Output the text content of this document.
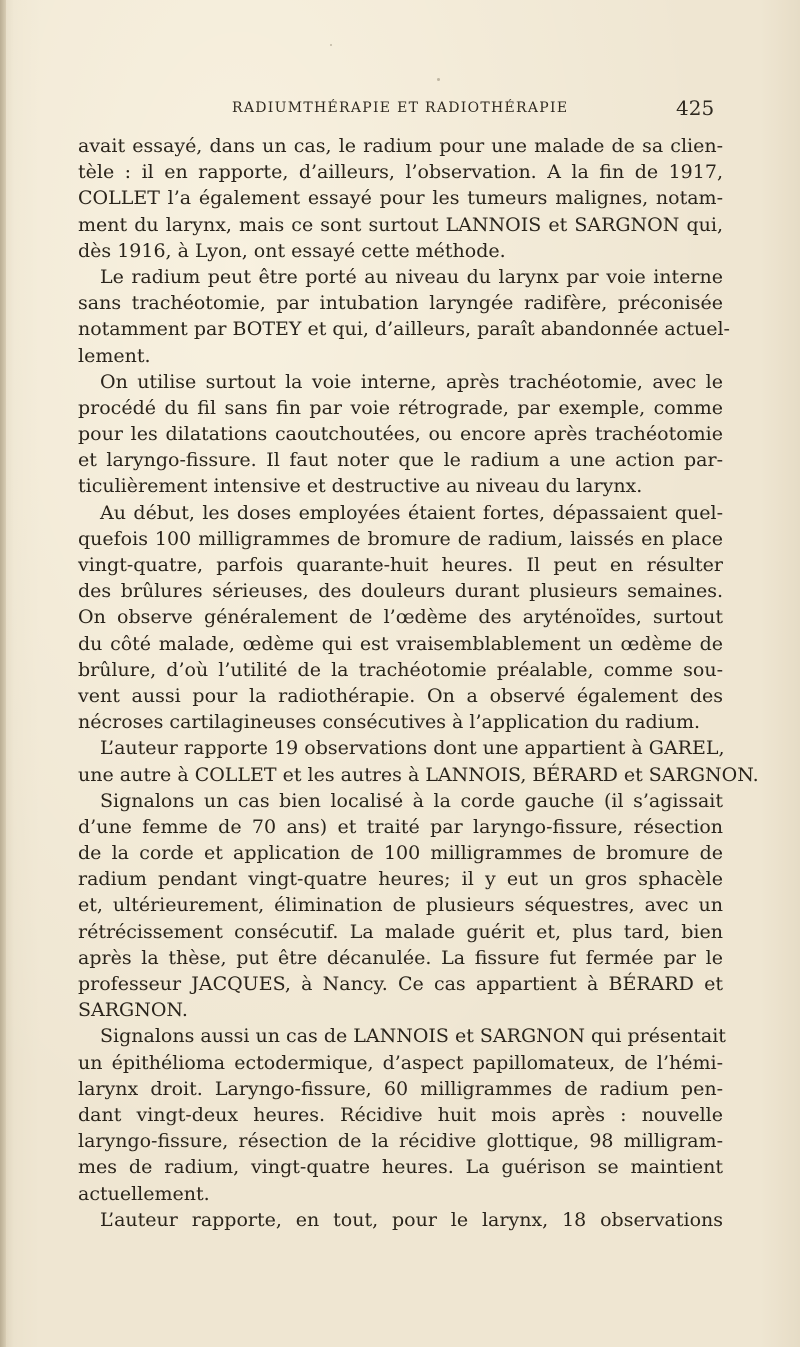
RADIUMTHÉRAPIE ET RADIOTHÉRAPIE	425
avait essayé, dans un cas, le radium pour une malade de sa clien-
tèle : il en rapporte, d’ailleurs, l’observation. A la fin de 1917,
COLLET l’a également essayé pour les tumeurs malignes, notam-
ment du larynx, mais ce sont surtout LANNOIS et SARGNON qui,
dès 1916, à Lyon, ont essayé cette méthode.
Le radium peut être porté au niveau du larynx par voie interne
sans trachéotomie, par intubation laryngée radifère, préconisée
notamment par BOTEY et qui, d’ailleurs, paraît abandonnée actuel-
lement.
On utilise surtout la voie interne, après trachéotomie, avec le
procédé du fil sans fin par voie rétrograde, par exemple, comme
pour les dilatations caoutchoutées, ou encore après trachéotomie
et laryngo-fissure. Il faut noter que le radium a une action par-
ticulièrement intensive et destructive au niveau du larynx.
Au début, les doses employées étaient fortes, dépassaient quel-
quefois 100 milligrammes de bromure de radium, laissés en place
vingt-quatre, parfois quarante-huit heures. Il peut en résulter
des brûlures sérieuses, des douleurs durant plusieurs semaines.
On observe généralement de l’œdème des aryténoïdes, surtout
du côté malade, œdème qui est vraisemblablement un œdème de
brûlure, d’où l’utilité de la trachéotomie préalable, comme sou-
vent aussi pour la radiothérapie. On a observé également des
nécroses cartilagineuses consécutives à l’application du radium.
L’auteur rapporte 19 observations dont une appartient à GAREL,
une autre à COLLET et les autres à LANNOIS, BÉRARD et SARGNON.
Signalons un cas bien localisé à la corde gauche (il s’agissait
d’une femme de 70 ans) et traité par laryngo-fissure, résection
de la corde et application de 100 milligrammes de bromure de
radium pendant vingt-quatre heures; il y eut un gros sphacèle
et, ultérieurement, élimination de plusieurs séquestres, avec un
rétrécissement consécutif. La malade guérit et, plus tard, bien
après la thèse, put être décanulée. La fissure fut fermée par le
professeur JACQUES, à Nancy. Ce cas appartient à BÉRARD et
SARGNON.
Signalons aussi un cas de LANNOIS et SARGNON qui présentait
un épithélioma ectodermique, d’aspect papillomateux, de l’hémi-
larynx droit. Laryngo-fissure, 60 milligrammes de radium pen-
dant vingt-deux heures. Récidive huit mois après : nouvelle
laryngo-fissure, résection de la récidive glottique, 98 milligram-
mes de radium, vingt-quatre heures. La guérison se maintient
actuellement.
L’auteur rapporte, en tout, pour le larynx, 18 observations
